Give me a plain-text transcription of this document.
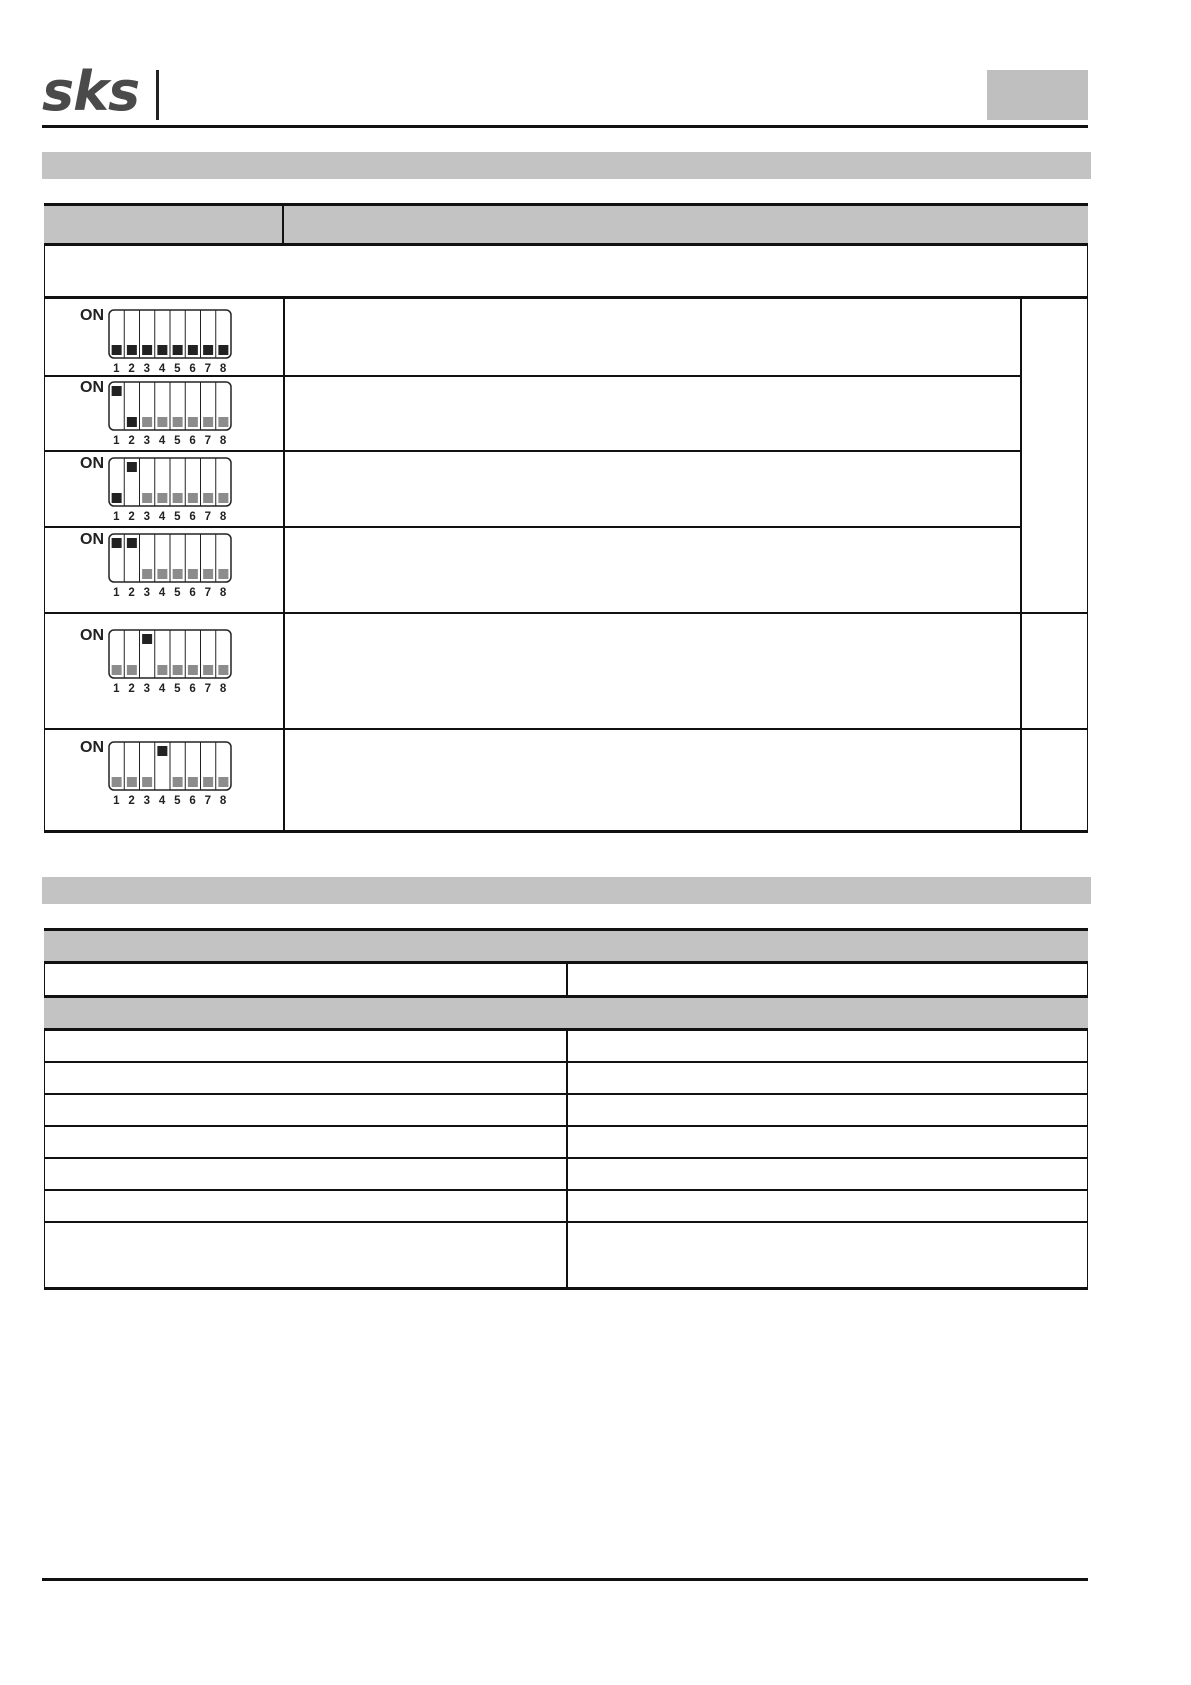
sks
ON
1 2 3 4 5 6 7 8
ON
1 2 3 4 5 6 7 8
ON
1 2 3 4 5 6 7 8
ON
1 2 3 4 5 6 7 8
ON
1 2 3 4 5 6 7 8
ON
1 2 3 4 5 6 7 8
